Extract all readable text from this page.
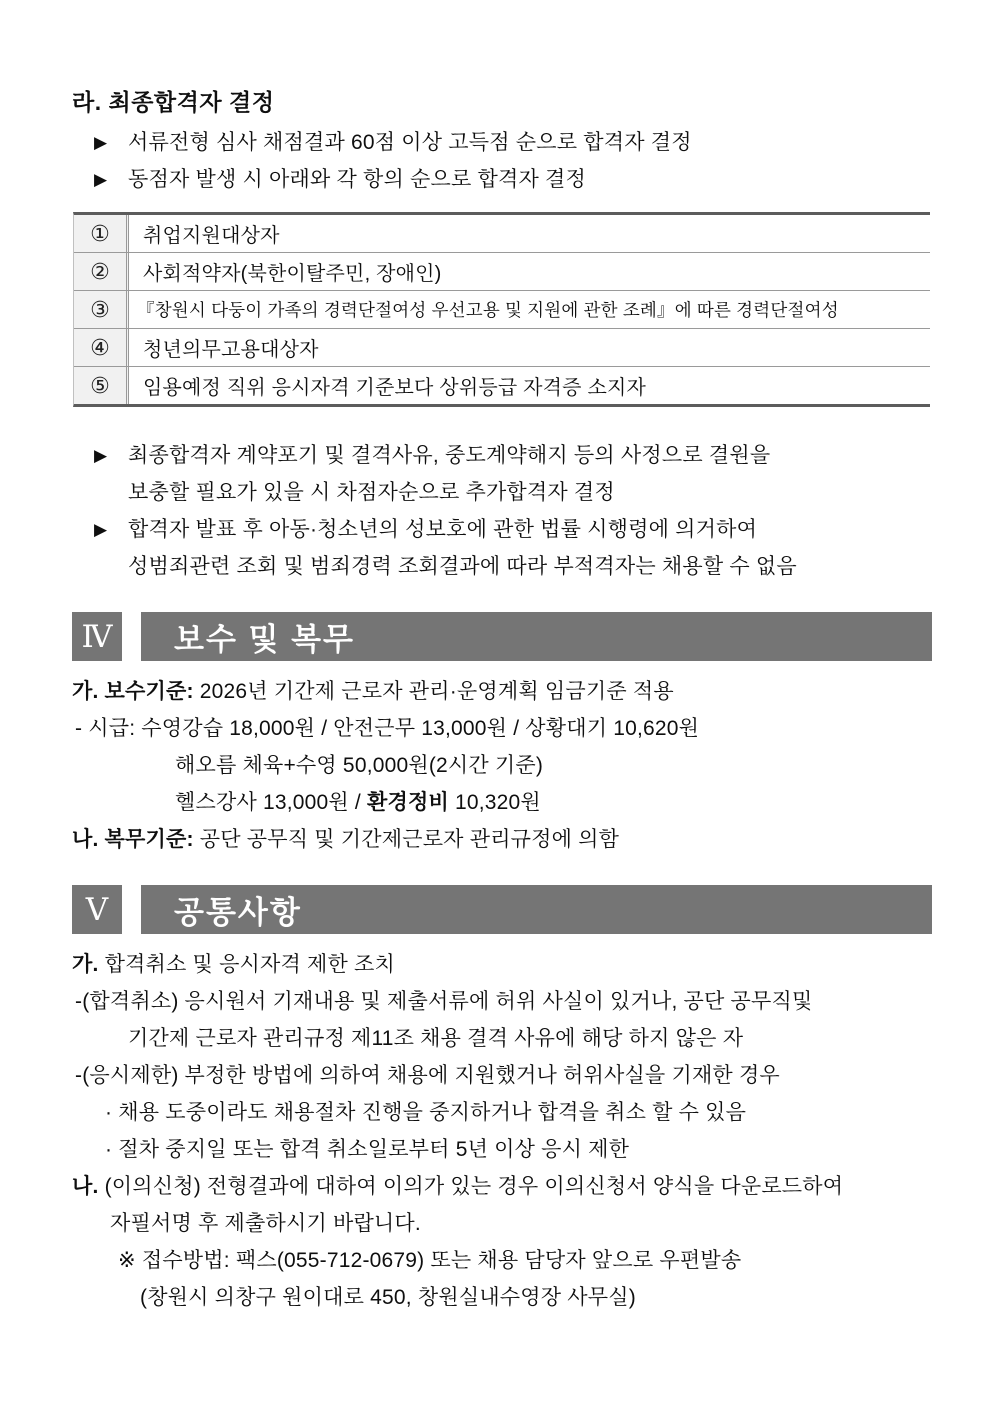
라. 최종합격자 결정
▶ 서류전형 심사 채점결과 60점 이상 고득점 순으로 합격자 결정
▶ 동점자 발생 시 아래와 각 항의 순으로 합격자 결정
①	취업지원대상자
②	사회적약자(북한이탈주민, 장애인)
③	『창원시 다둥이 가족의 경력단절여성 우선고용 및 지원에 관한 조례』에 따른 경력단절여성
④	청년의무고용대상자
⑤	임용예정 직위 응시자격 기준보다 상위등급 자격증 소지자
▶ 최종합격자 계약포기 및 결격사유, 중도계약해지 등의 사정으로 결원을
보충할 필요가 있을 시 차점자순으로 추가합격자 결정
▶ 합격자 발표 후 아동·청소년의 성보호에 관한 법률 시행령에 의거하여
성범죄관련 조회 및 범죄경력 조회결과에 따라 부적격자는 채용할 수 없음
Ⅳ	보수 및 복무
가. 보수기준: 2026년 기간제 근로자 관리·운영계획 임금기준 적용
- 시급: 수영강습 18,000원 / 안전근무 13,000원 / 상황대기 10,620원
해오름 체육+수영 50,000원(2시간 기준)
헬스강사 13,000원 / 환경정비 10,320원
나. 복무기준: 공단 공무직 및 기간제근로자 관리규정에 의함
Ⅴ	공통사항
가. 합격취소 및 응시자격 제한 조치
-(합격취소) 응시원서 기재내용 및 제출서류에 허위 사실이 있거나, 공단 공무직및
기간제 근로자 관리규정 제11조 채용 결격 사유에 해당 하지 않은 자
-(응시제한) 부정한 방법에 의하여 채용에 지원했거나 허위사실을 기재한 경우
· 채용 도중이라도 채용절차 진행을 중지하거나 합격을 취소 할 수 있음
· 절차 중지일 또는 합격 취소일로부터 5년 이상 응시 제한
나. (이의신청) 전형결과에 대하여 이의가 있는 경우 이의신청서 양식을 다운로드하여
자필서명 후 제출하시기 바랍니다.
※ 접수방법: 팩스(055-712-0679) 또는 채용 담당자 앞으로 우편발송
(창원시 의창구 원이대로 450, 창원실내수영장 사무실)
